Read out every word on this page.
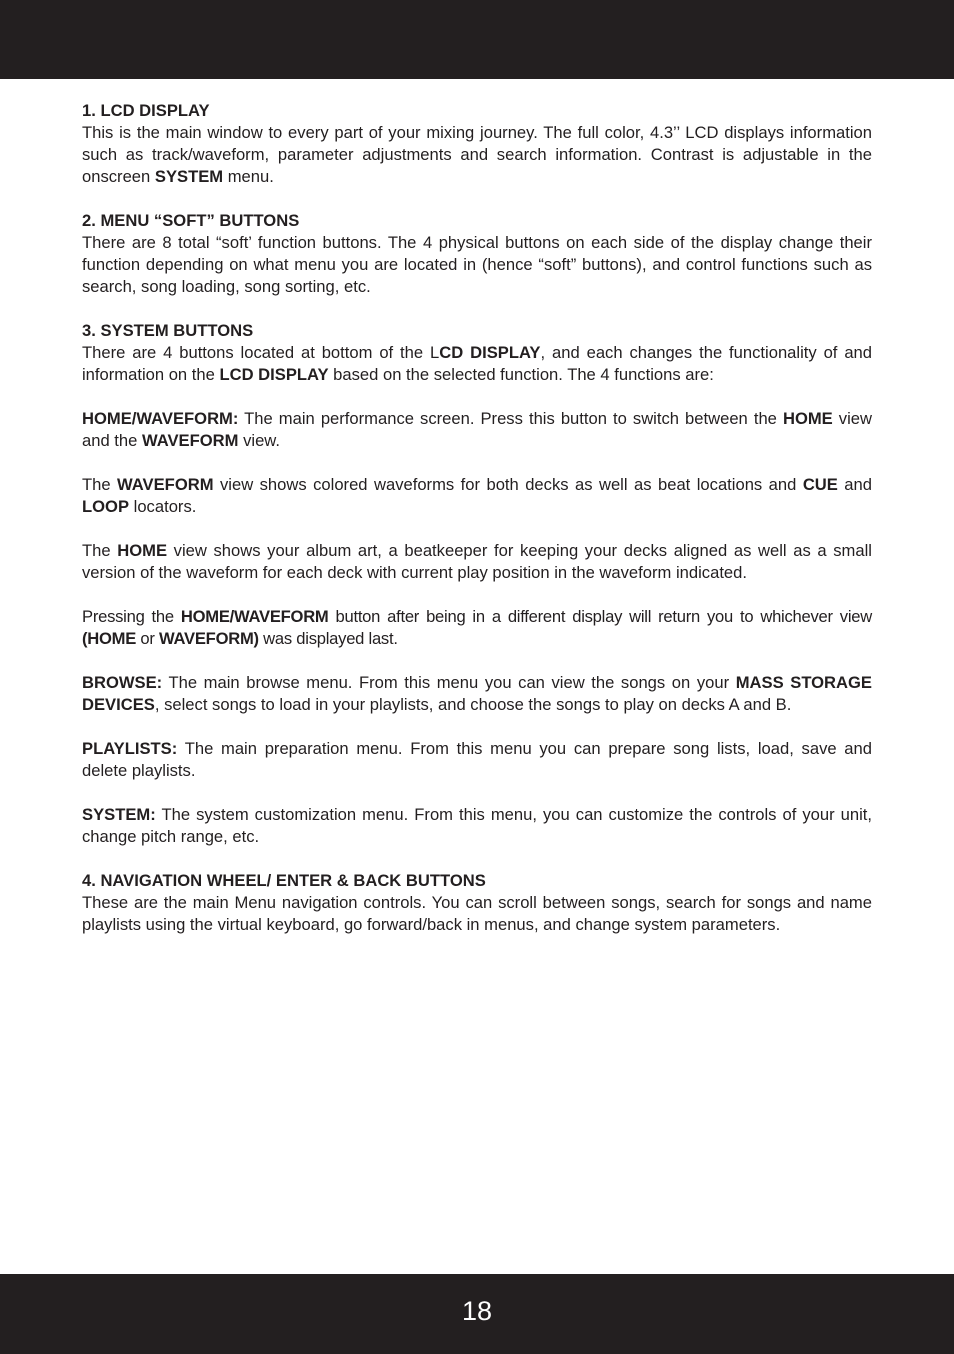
1. LCD DISPLAY
This is the main window to every part of your mixing journey. The full color, 4.3’’ LCD displays information such as track/waveform, parameter adjustments and search information. Contrast is adjustable in the onscreen SYSTEM menu.

2. MENU “SOFT” BUTTONS
There are 8 total “soft’ function buttons. The 4 physical buttons on each side of the display change their function depending on what menu you are located in (hence “soft” buttons), and control functions such as search, song loading, song sorting, etc.

3. SYSTEM BUTTONS
There are 4 buttons located at bottom of the LCD DISPLAY, and each changes the functionality of and information on the LCD DISPLAY based on the selected function. The 4 functions are:

HOME/WAVEFORM: The main performance screen. Press this button to switch between the HOME view and the WAVEFORM view.

The WAVEFORM view shows colored waveforms for both decks as well as beat locations and CUE and LOOP locators.

The HOME view shows your album art, a beatkeeper for keeping your decks aligned as well as a small version of the waveform for each deck with current play position in the waveform indicated.

Pressing the HOME/WAVEFORM button after being in a different display will return you to whichever view (HOME or WAVEFORM) was displayed last.

BROWSE: The main browse menu. From this menu you can view the songs on your MASS STORAGE DEVICES, select songs to load in your playlists, and choose the songs to play on decks A and B.

PLAYLISTS: The main preparation menu. From this menu you can prepare song lists, load, save and delete playlists.

SYSTEM: The system customization menu. From this menu, you can customize the controls of your unit, change pitch range, etc.

4. NAVIGATION WHEEL/ ENTER & BACK BUTTONS
These are the main Menu navigation controls. You can scroll between songs, search for songs and name playlists using the virtual keyboard, go forward/back in menus, and change system parameters.

18
